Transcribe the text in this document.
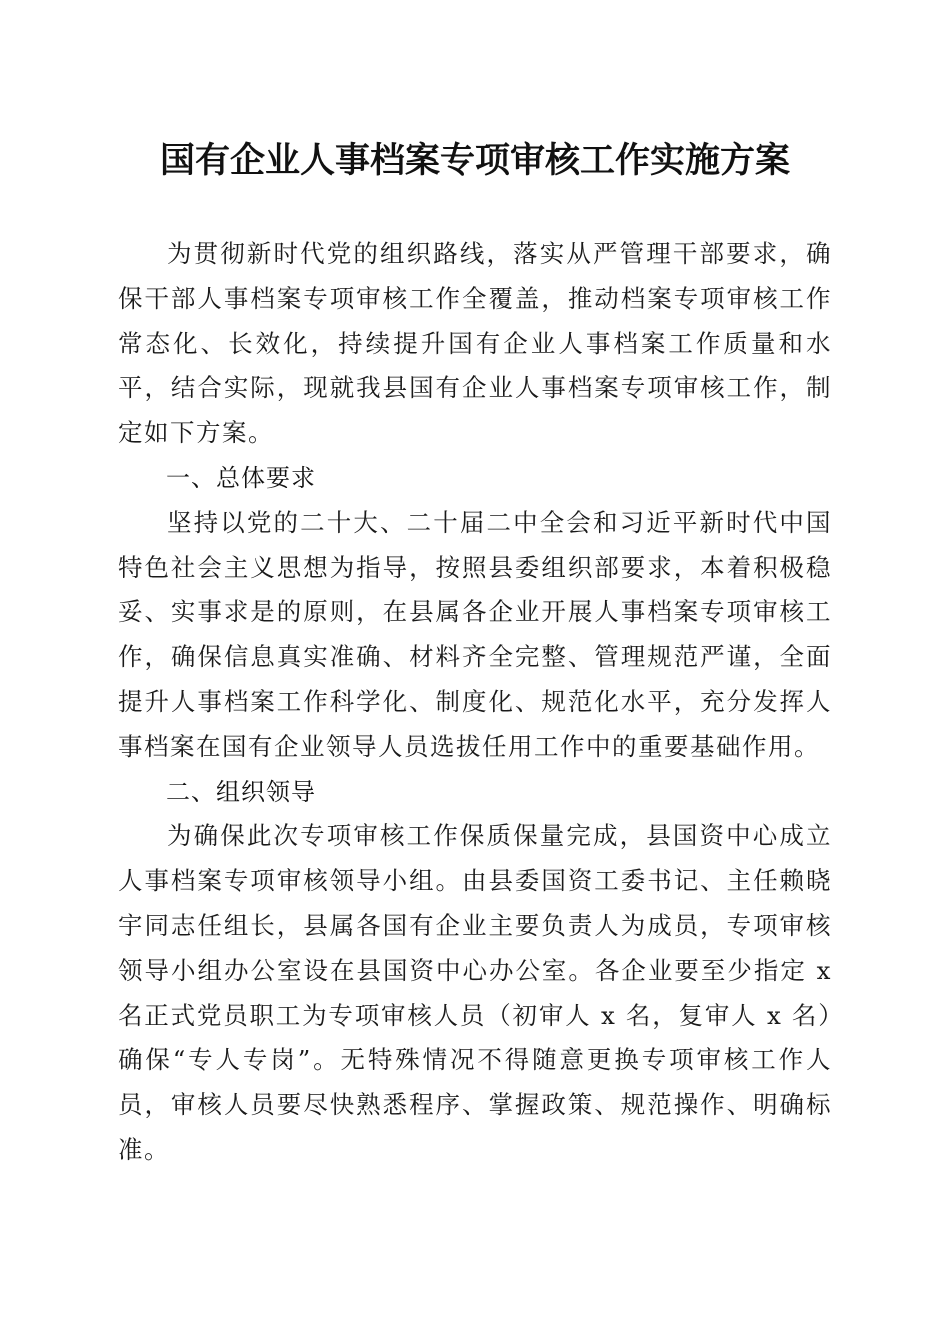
国有企业人事档案专项审核工作实施方案

为贯彻新时代党的组织路线，落实从严管理干部要求，确保干部人事档案专项审核工作全覆盖，推动档案专项审核工作常态化、长效化，持续提升国有企业人事档案工作质量和水平，结合实际，现就我县国有企业人事档案专项审核工作，制定如下方案。

一、总体要求

坚持以党的二十大、二十届二中全会和习近平新时代中国特色社会主义思想为指导，按照县委组织部要求，本着积极稳妥、实事求是的原则，在县属各企业开展人事档案专项审核工作，确保信息真实准确、材料齐全完整、管理规范严谨，全面提升人事档案工作科学化、制度化、规范化水平，充分发挥人事档案在国有企业领导人员选拔任用工作中的重要基础作用。

二、组织领导

为确保此次专项审核工作保质保量完成，县国资中心成立人事档案专项审核领导小组。由县委国资工委书记、主任赖晓宇同志任组长，县属各国有企业主要负责人为成员，专项审核领导小组办公室设在县国资中心办公室。各企业要至少指定 x 名正式党员职工为专项审核人员（初审人 x 名，复审人 x 名）确保“专人专岗”。无特殊情况不得随意更换专项审核工作人员，审核人员要尽快熟悉程序、掌握政策、规范操作、明确标准。
